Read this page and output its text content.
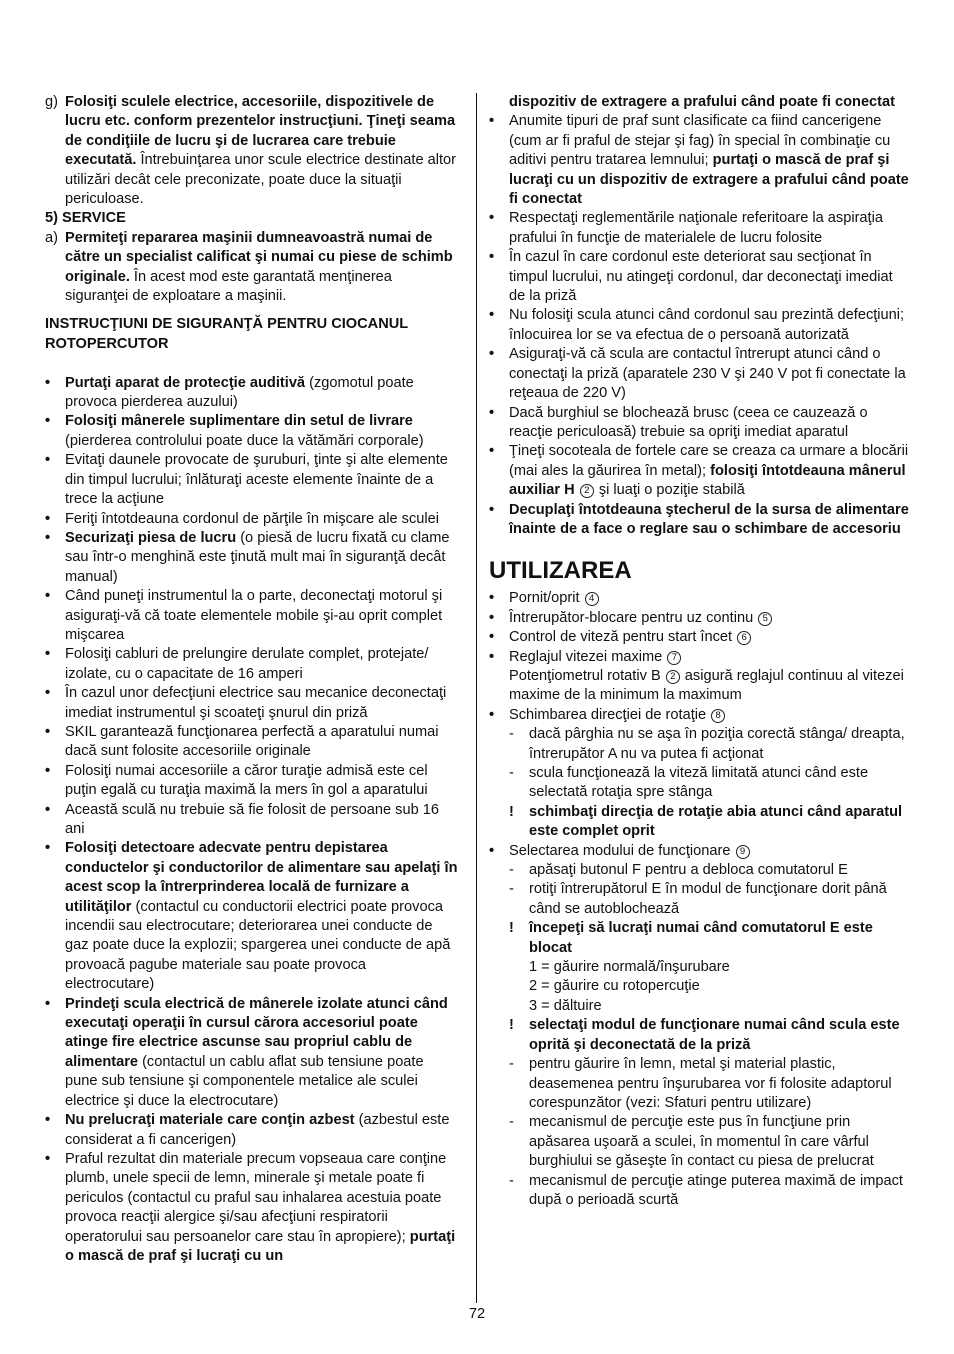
g) Folosiţi sculele electrice, accesoriile, dispozitivele de lucru etc. conform prezentelor instrucţiuni. Ţineţi seama de condiţiile de lucru şi de lucrarea care trebuie executată. Întrebuinţarea unor scule electrice destinate altor utilizări decât cele preconizate, poate duce la situaţii periculoase.
5) SERVICE
a) Permiteţi repararea maşinii dumneavoastră numai de către un specialist calificat şi numai cu piese de schimb originale. În acest mod este garantată menţinerea siguranţei de exploatare a maşinii.
INSTRUCŢIUNI DE SIGURANŢĂ PENTRU CIOCANUL ROTOPERCUTOR
• Purtaţi aparat de protecţie auditivă (zgomotul poate provoca pierderea auzului)
• Folosiţi mânerele suplimentare din setul de livrare (pierderea controlului poate duce la vătămări corporale)
• Evitaţi daunele provocate de şuruburi, ţinte şi alte elemente din timpul lucrului; înlăturaţi aceste elemente înainte de a trece la acţiune
• Feriţi întotdeauna cordonul de părţile în mişcare ale sculei
• Securizaţi piesa de lucru (o piesă de lucru fixată cu clame sau într-o menghină este ţinută mult mai în siguranţă decât manual)
• Când puneţi instrumentul la o parte, deconectaţi motorul şi asiguraţi-vă că toate elementele mobile şi-au oprit complet mişcarea
• Folosiţi cabluri de prelungire derulate complet, protejate/ izolate, cu o capacitate de 16 amperi
• În cazul unor defecţiuni electrice sau mecanice deconectaţi imediat instrumentul şi scoateţi şnurul din priză
• SKIL garantează funcţionarea perfectă a aparatului numai dacă sunt folosite accesoriile originale
• Folosiţi numai accesoriile a căror turaţie admisă este cel puţin egală cu turaţia maximă la mers în gol a aparatului
• Această sculă nu trebuie să fie folosit de persoane sub 16 ani
• Folosiţi detectoare adecvate pentru depistarea conductelor şi conductorilor de alimentare sau apelaţi în acest scop la întrerprinderea locală de furnizare a utilităţilor (contactul cu conductorii electrici poate provoca incendii sau electrocutare; deteriorarea unei conducte de gaz poate duce la explozii; spargerea unei conducte de apă provoacă pagube materiale sau poate provoca electrocutare)
• Prindeţi scula electrică de mânerele izolate atunci când executaţi operaţii în cursul cărora accesoriul poate atinge fire electrice ascunse sau propriul cablu de alimentare (contactul un cablu aflat sub tensiune poate pune sub tensiune şi componentele metalice ale sculei electrice şi duce la electrocutare)
• Nu prelucraţi materiale care conţin azbest (azbestul este considerat a fi cancerigen)
• Praful rezultat din materiale precum vopseaua care conţine plumb, unele specii de lemn, minerale şi metale poate fi periculos (contactul cu praful sau inhalarea acestuia poate provoca reacţii alergice şi/sau afecţiuni respiratorii operatorului sau persoanelor care stau în apropiere); purtaţi o mască de praf şi lucraţi cu un
dispozitiv de extragere a prafului când poate fi conectat
• Anumite tipuri de praf sunt clasificate ca fiind cancerigene (cum ar fi praful de stejar şi fag) în special în combinaţie cu aditivi pentru tratarea lemnului; purtaţi o mască de praf şi lucraţi cu un dispozitiv de extragere a prafului când poate fi conectat
• Respectaţi reglementările naţionale referitoare la aspiraţia prafului în funcţie de materialele de lucru folosite
• În cazul în care cordonul este deteriorat sau secţionat în timpul lucrului, nu atingeţi cordonul, dar deconectaţi imediat de la priză
• Nu folosiţi scula atunci când cordonul sau prezintă defecţiuni; înlocuirea lor se va efectua de o persoană autorizată
• Asiguraţi-vă că scula are contactul întrerupt atunci când o conectaţi la priză (aparatele 230 V şi 240 V pot fi conectate la reţeaua de 220 V)
• Dacă burghiul se blochează brusc (ceea ce cauzează o reacţie periculoasă) trebuie sa opriţi imediat aparatul
• Ţineţi socoteala de fortele care se creaza ca urmare a blocării (mai ales la găurirea în metal); folosiţi întotdeauna mânerul auxiliar H 2 şi luaţi o poziţie stabilă
• Decuplaţi întotdeauna ştecherul de la sursa de alimentare înainte de a face o reglare sau o schimbare de accesoriu
UTILIZAREA
• Pornit/oprit 4
• Întrerupător-blocare pentru uz continu 5
• Control de viteză pentru start încet 6
• Reglajul vitezei maxime 7
Potenţiometrul rotativ B 2 asigură reglajul continuu al vitezei maxime de la minimum la maximum
• Schimbarea direcţiei de rotaţie 8
- dacă pârghia nu se aşa în poziţia corectă stânga/ dreapta, întrerupător A nu va putea fi acţionat
- scula funcţionează la viteză limitată atunci când este selectată rotaţia spre stânga
! schimbaţi direcţia de rotaţie abia atunci când aparatul este complet oprit
• Selectarea modului de funcţionare 9
- apăsaţi butonul F pentru a debloca comutatorul E
- rotiţi întrerupătorul E în modul de funcţionare dorit până când se autoblochează
! începeţi să lucraţi numai când comutatorul E este blocat
1 = găurire normală/înşurubare
2 = găurire cu rotopercuţie
3 = dăltuire
! selectaţi modul de funcţionare numai când scula este oprită şi deconectată de la priză
- pentru găurire în lemn, metal şi material plastic, deasemenea pentru înşurubarea vor fi folosite adaptorul corespunzător (vezi: Sfaturi pentru utilizare)
- mecanismul de percuţie este pus în funcţiune prin apăsarea uşoară a sculei, în momentul în care vârful burghiului se găseşte în contact cu piesa de prelucrat
- mecanismul de percuţie atinge puterea maximă de impact după o perioadă scurtă
72
